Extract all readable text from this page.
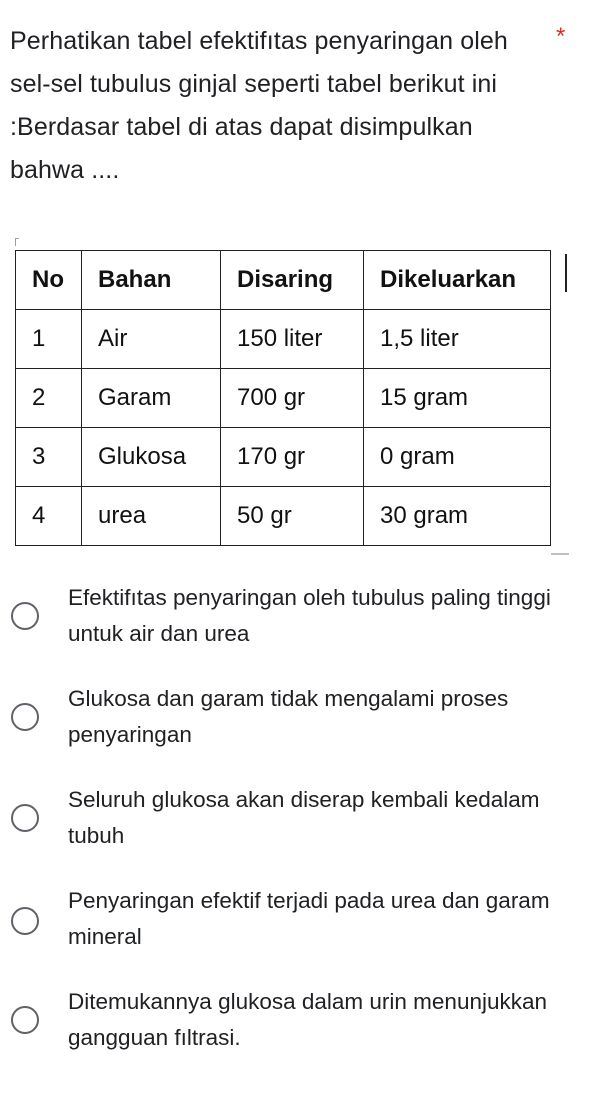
Perhatikan tabel efektifıtas penyaringan oleh sel-sel tubulus ginjal seperti tabel berikut ini :Berdasar tabel di atas dapat disimpulkan bahwa ....
*
No	Bahan	Disaring	Dikeluarkan
1	Air	150 liter	1,5 liter
2	Garam	700 gr	15 gram
3	Glukosa	170 gr	0 gram
4	urea	50 gr	30 gram
Efektifıtas penyaringan oleh tubulus paling tinggi untuk air dan urea
Glukosa dan garam tidak mengalami proses penyaringan
Seluruh glukosa akan diserap kembali kedalam tubuh
Penyaringan efektif terjadi pada urea dan garam mineral
Ditemukannya glukosa dalam urin menunjukkan gangguan fıltrasi.
